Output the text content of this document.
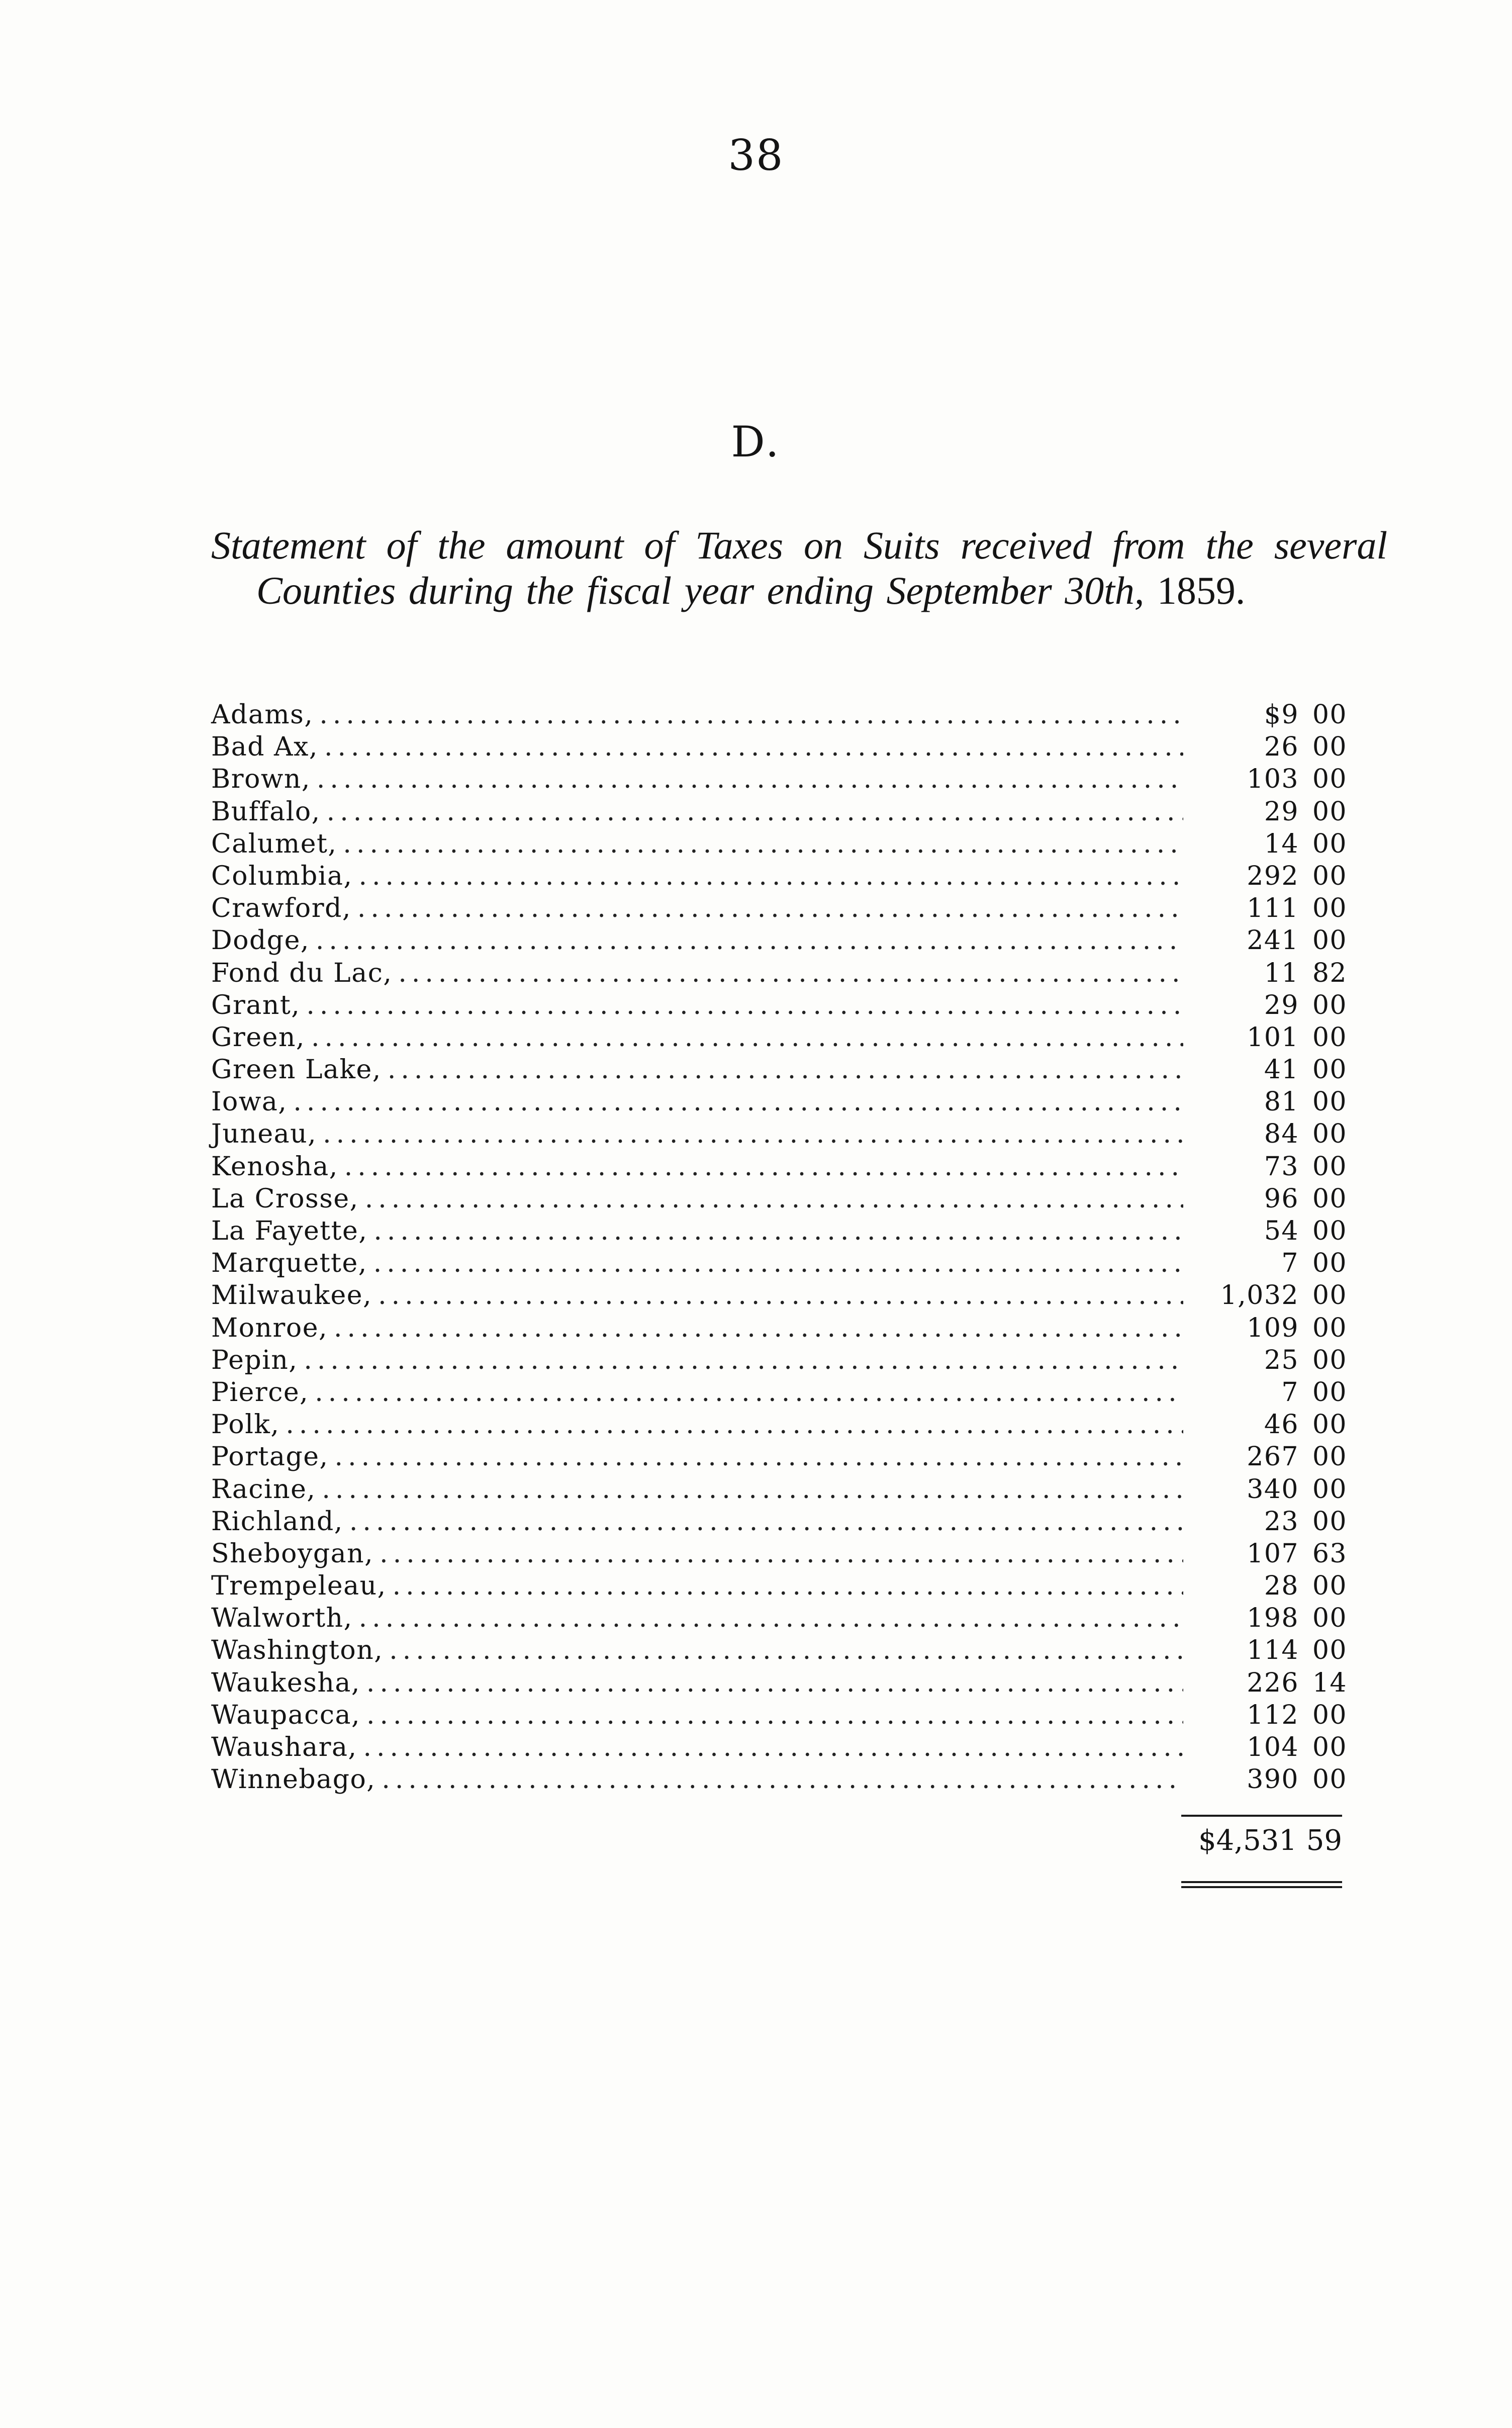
38
D.
Statement of the amount of Taxes on Suits received from the several Counties during the fiscal year ending September 30th, 1859.
Adams, .....	$9 00
Bad Ax, .....	26 00
Brown, .....	103 00
Buffalo, .....	29 00
Calumet, .....	14 00
Columbia, .....	292 00
Crawford, .....	111 00
Dodge, .....	241 00
Fond du Lac, .....	11 82
Grant, .....	29 00
Green, .....	101 00
Green Lake, .....	41 00
Iowa, .....	81 00
Juneau, .....	84 00
Kenosha, .....	73 00
La Crosse, .....	96 00
La Fayette, .....	54 00
Marquette, .....	7 00
Milwaukee, .....	1,032 00
Monroe, .....	109 00
Pepin, .....	25 00
Pierce, .....	7 00
Polk, .....	46 00
Portage, .....	267 00
Racine, .....	340 00
Richland, .....	23 00
Sheboygan, .....	107 63
Trempeleau, .....	28 00
Walworth, .....	198 00
Washington, .....	114 00
Waukesha, .....	226 14
Waupacca, .....	112 00
Waushara, .....	104 00
Winnebago, .....	390 00
$4,531 59
